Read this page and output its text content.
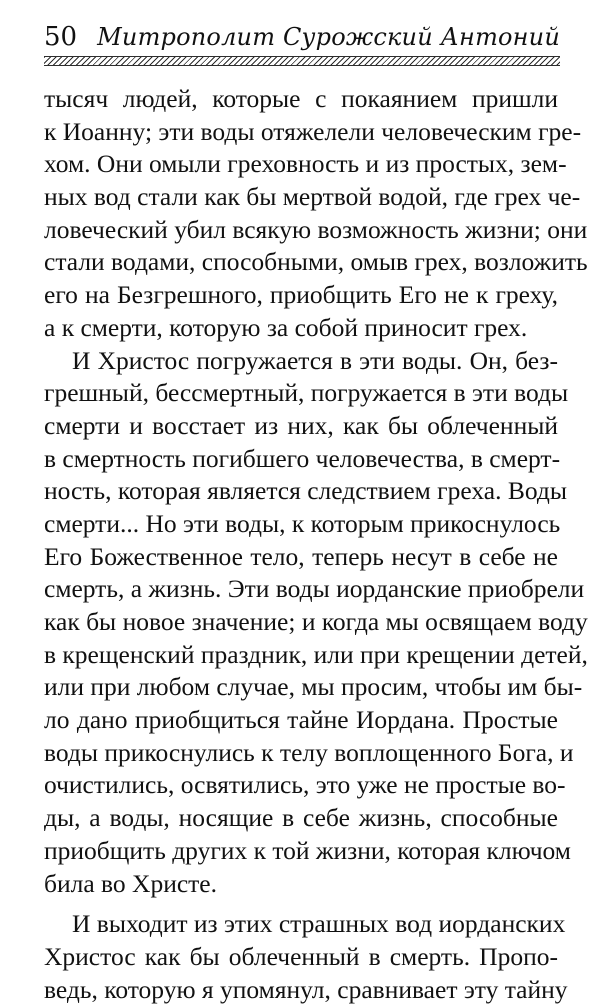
50 Митрополит Сурожский Антоний
тысяч людей, которые с покаянием пришли
к Иоанну; эти воды отяжелели человеческим гре-
хом. Они омыли греховность и из простых, зем-
ных вод стали как бы мертвой водой, где грех че-
ловеческий убил всякую возможность жизни; они
стали водами, способными, омыв грех, возложить
его на Безгрешного, приобщить Его не к греху,
а к смерти, которую за собой приносит грех.
И Христос погружается в эти воды. Он, без-
грешный, бессмертный, погружается в эти воды
смерти и восстает из них, как бы облеченный
в смертность погибшего человечества, в смерт-
ность, которая является следствием греха. Воды
смерти... Но эти воды, к которым прикоснулось
Его Божественное тело, теперь несут в себе не
смерть, а жизнь. Эти воды иорданские приобрели
как бы новое значение; и когда мы освящаем воду
в крещенский праздник, или при крещении детей,
или при любом случае, мы просим, чтобы им бы-
ло дано приобщиться тайне Иордана. Простые
воды прикоснулись к телу воплощенного Бога, и
очистились, освятились, это уже не простые во-
ды, а воды, носящие в себе жизнь, способные
приобщить других к той жизни, которая ключом
била во Христе.
И выходит из этих страшных вод иорданских
Христос как бы облеченный в смерть. Пропо-
ведь, которую я упомянул, сравнивает эту тайну
